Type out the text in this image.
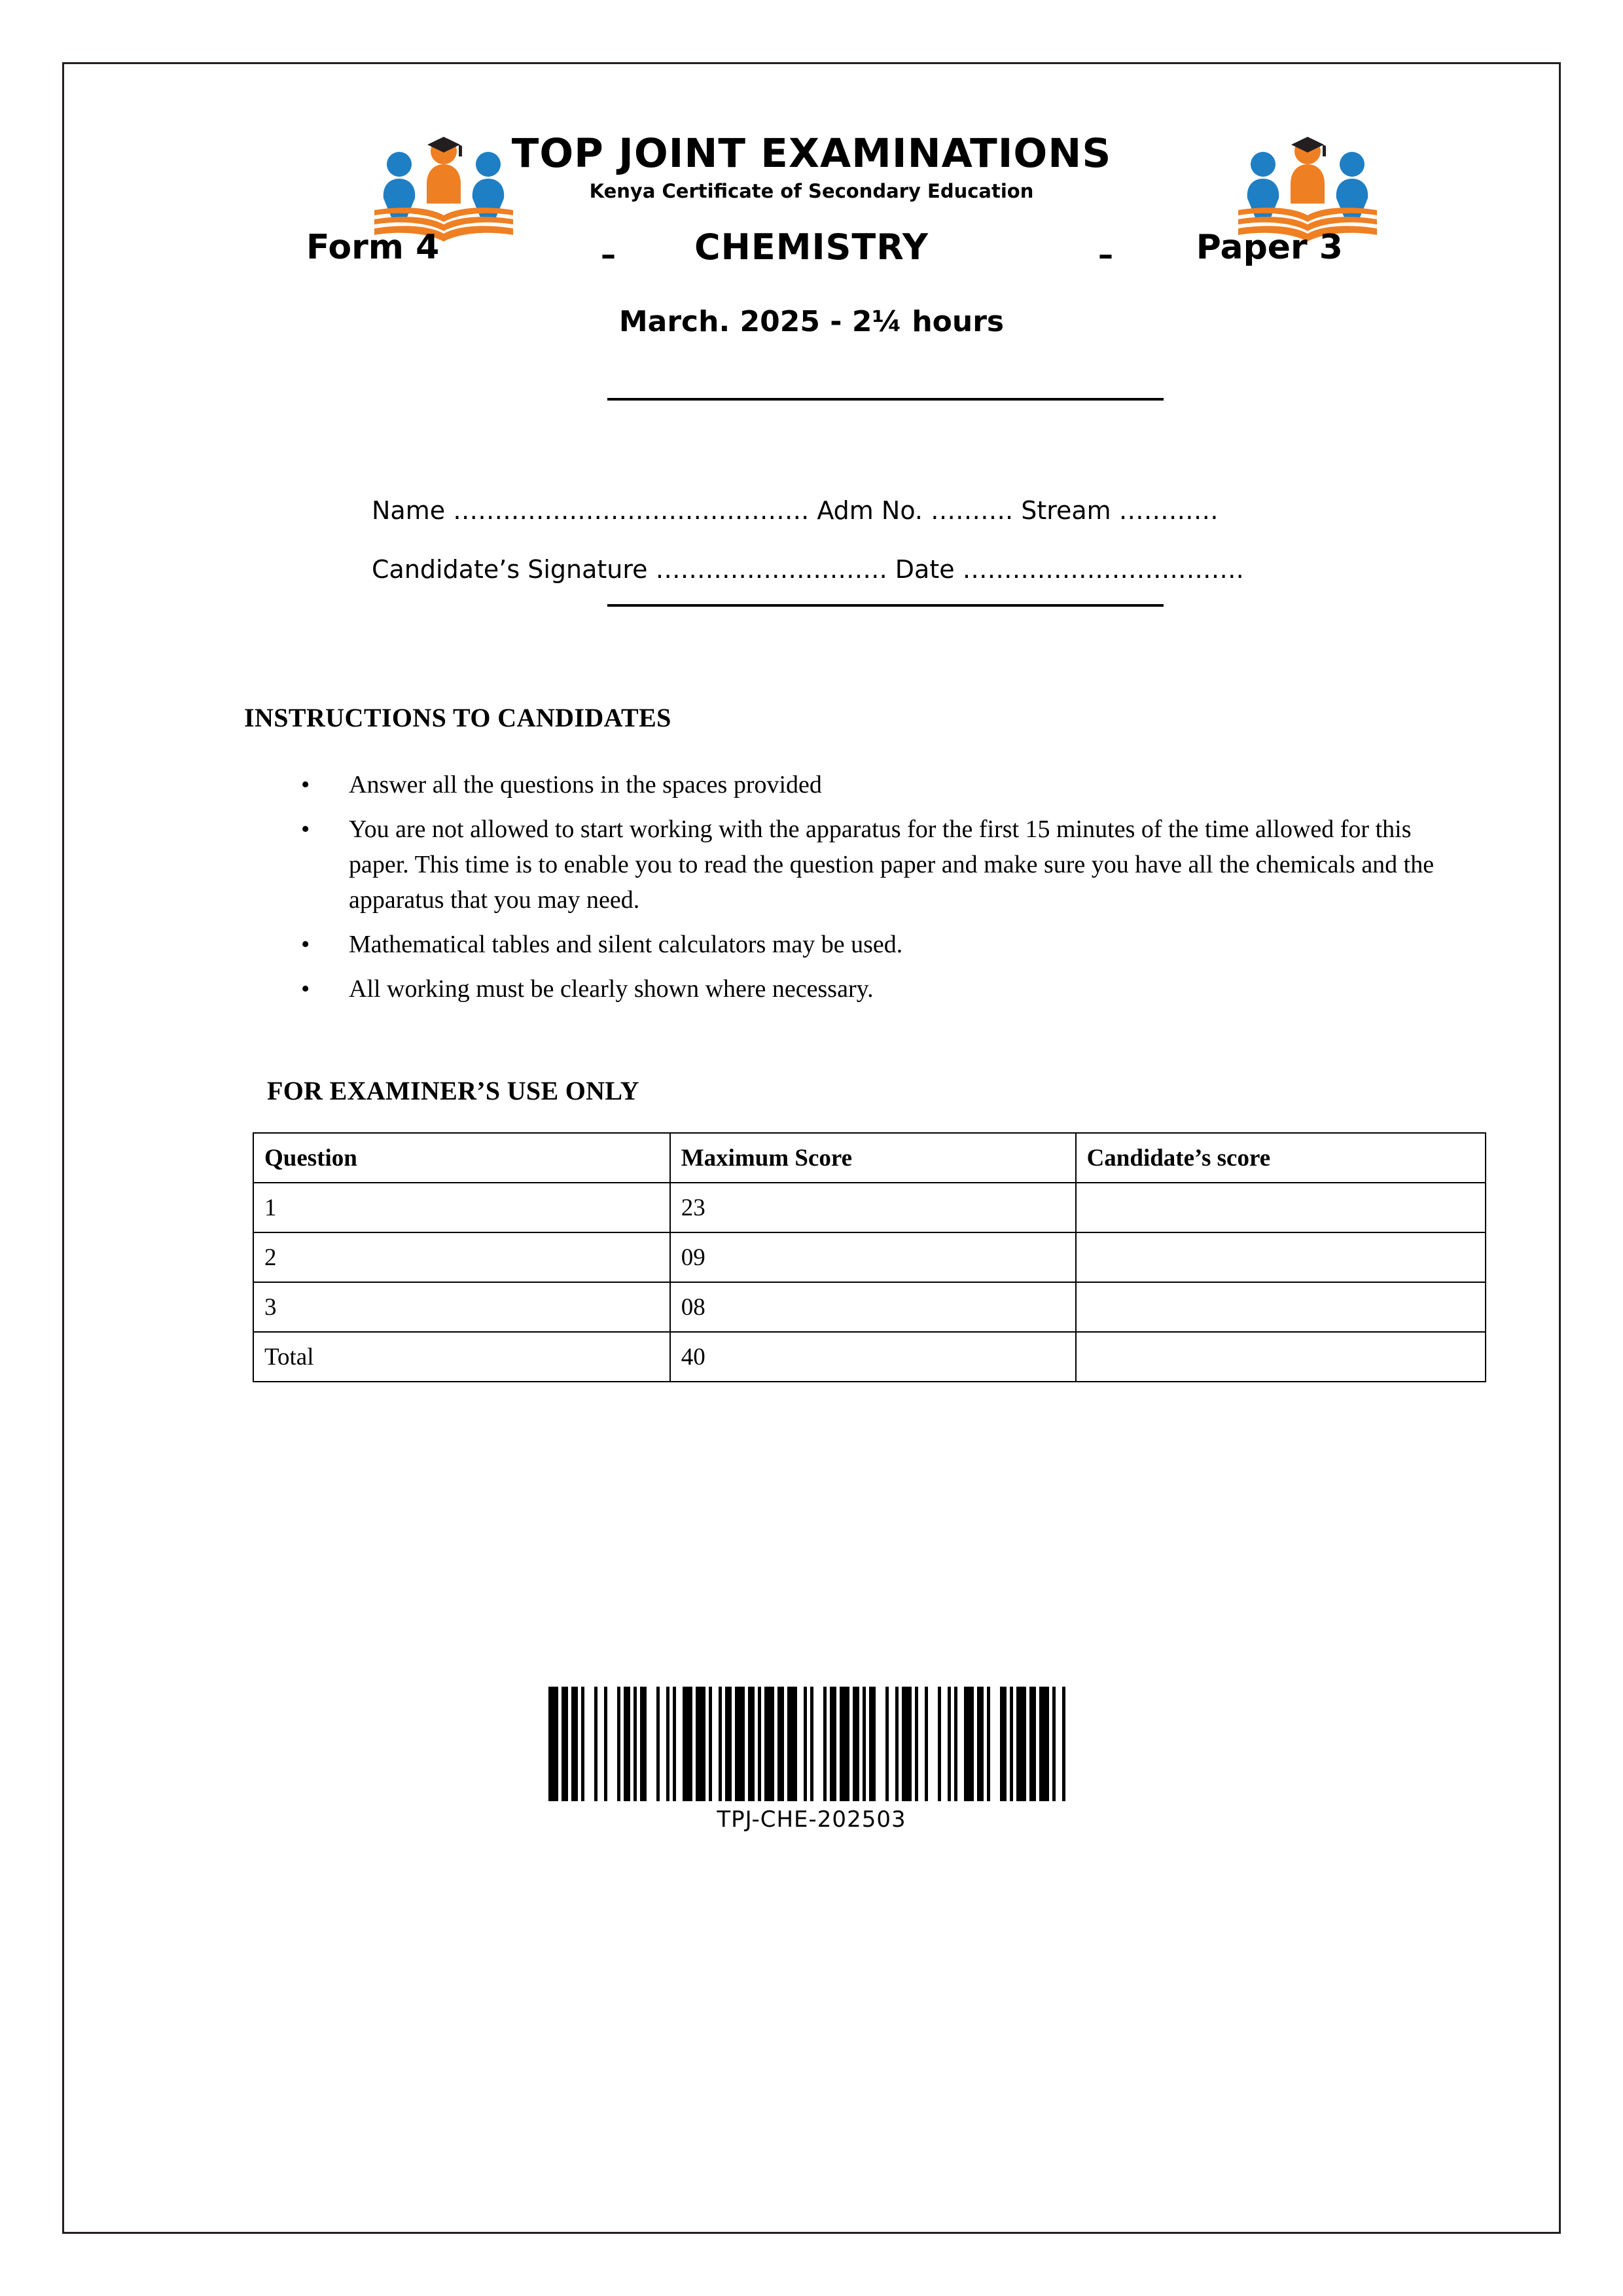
TOP JOINT EXAMINATIONS
Kenya Certificate of Secondary Education
Form 4	–	CHEMISTRY	– Paper 3
March. 2025 - 2¼ hours
Name ……………………………………. Adm No. ………. Stream …………
Candidate’s Signature ………………………. Date …………………………….
INSTRUCTIONS TO CANDIDATES
• Answer all the questions in the spaces provided
• You are not allowed to start working with the apparatus for the first 15 minutes of the time allowed for this paper. This time is to enable you to read the question paper and make sure you have all the chemicals and the apparatus that you may need.
• Mathematical tables and silent calculators may be used.
• All working must be clearly shown where necessary.
FOR EXAMINER’S USE ONLY
Question	Maximum Score	Candidate’s score
1	23	
2	09	
3	08	
Total	40	
TPJ-CHE-202503
